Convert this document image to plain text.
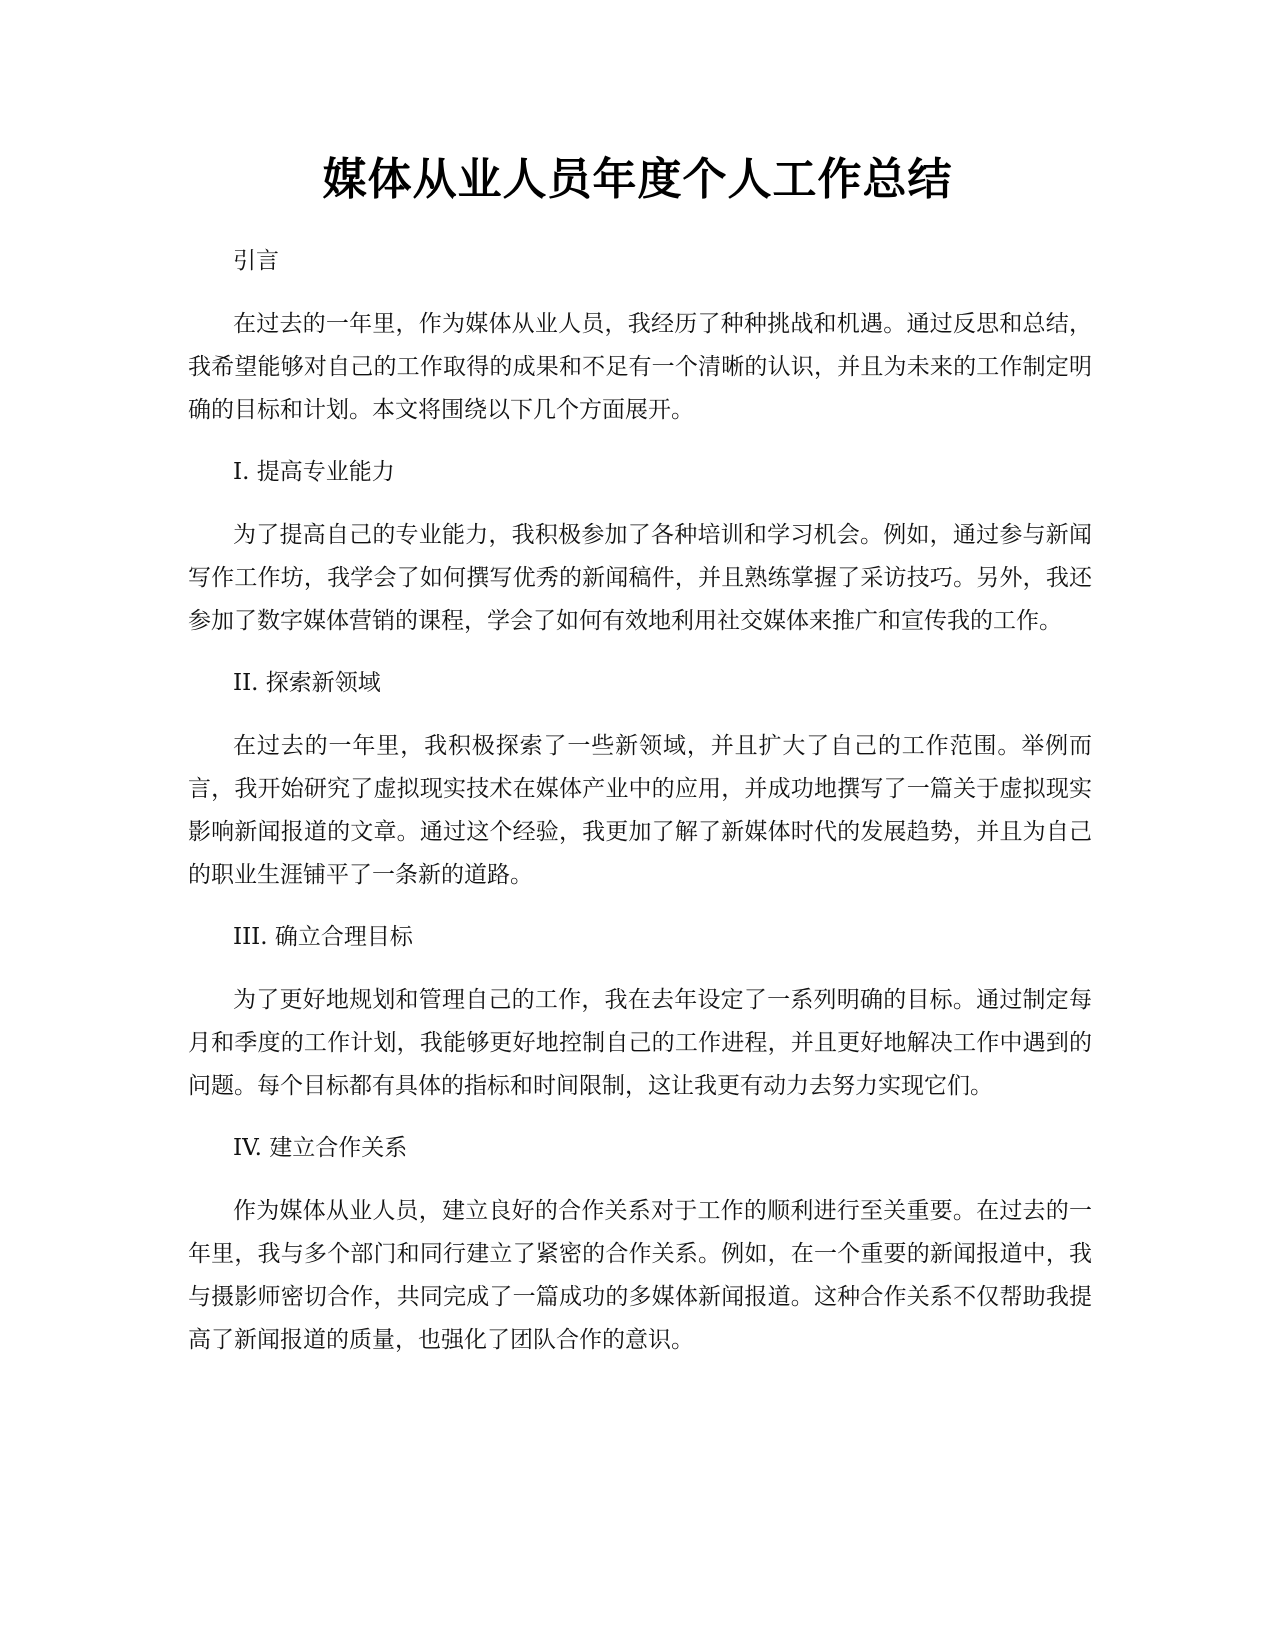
媒体从业人员年度个人工作总结

引言

在过去的一年里，作为媒体从业人员，我经历了种种挑战和机遇。通过反思和总结，我希望能够对自己的工作取得的成果和不足有一个清晰的认识，并且为未来的工作制定明确的目标和计划。本文将围绕以下几个方面展开。

I. 提高专业能力

为了提高自己的专业能力，我积极参加了各种培训和学习机会。例如，通过参与新闻写作工作坊，我学会了如何撰写优秀的新闻稿件，并且熟练掌握了采访技巧。另外，我还参加了数字媒体营销的课程，学会了如何有效地利用社交媒体来推广和宣传我的工作。

II. 探索新领域

在过去的一年里，我积极探索了一些新领域，并且扩大了自己的工作范围。举例而言，我开始研究了虚拟现实技术在媒体产业中的应用，并成功地撰写了一篇关于虚拟现实影响新闻报道的文章。通过这个经验，我更加了解了新媒体时代的发展趋势，并且为自己的职业生涯铺平了一条新的道路。

III. 确立合理目标

为了更好地规划和管理自己的工作，我在去年设定了一系列明确的目标。通过制定每月和季度的工作计划，我能够更好地控制自己的工作进程，并且更好地解决工作中遇到的问题。每个目标都有具体的指标和时间限制，这让我更有动力去努力实现它们。

IV. 建立合作关系

作为媒体从业人员，建立良好的合作关系对于工作的顺利进行至关重要。在过去的一年里，我与多个部门和同行建立了紧密的合作关系。例如，在一个重要的新闻报道中，我与摄影师密切合作，共同完成了一篇成功的多媒体新闻报道。这种合作关系不仅帮助我提高了新闻报道的质量，也强化了团队合作的意识。
